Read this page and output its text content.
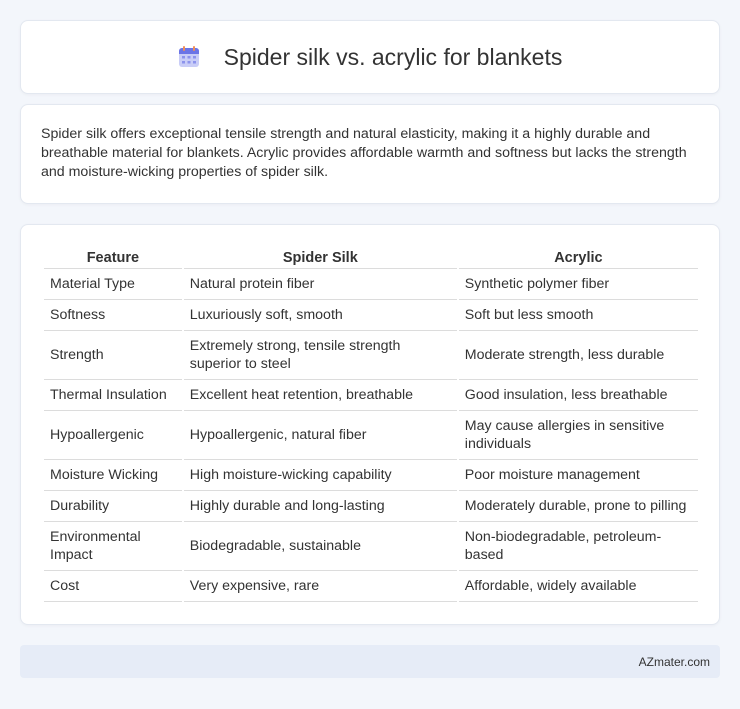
Spider silk vs. acrylic for blankets

Spider silk offers exceptional tensile strength and natural elasticity, making it a highly durable and breathable material for blankets. Acrylic provides affordable warmth and softness but lacks the strength and moisture-wicking properties of spider silk.

Feature	Spider Silk	Acrylic
Material Type	Natural protein fiber	Synthetic polymer fiber
Softness	Luxuriously soft, smooth	Soft but less smooth
Strength	Extremely strong, tensile strength superior to steel	Moderate strength, less durable
Thermal Insulation	Excellent heat retention, breathable	Good insulation, less breathable
Hypoallergenic	Hypoallergenic, natural fiber	May cause allergies in sensitive individuals
Moisture Wicking	High moisture-wicking capability	Poor moisture management
Durability	Highly durable and long-lasting	Moderately durable, prone to pilling
Environmental Impact	Biodegradable, sustainable	Non-biodegradable, petroleum-based
Cost	Very expensive, rare	Affordable, widely available
AZmater.com
